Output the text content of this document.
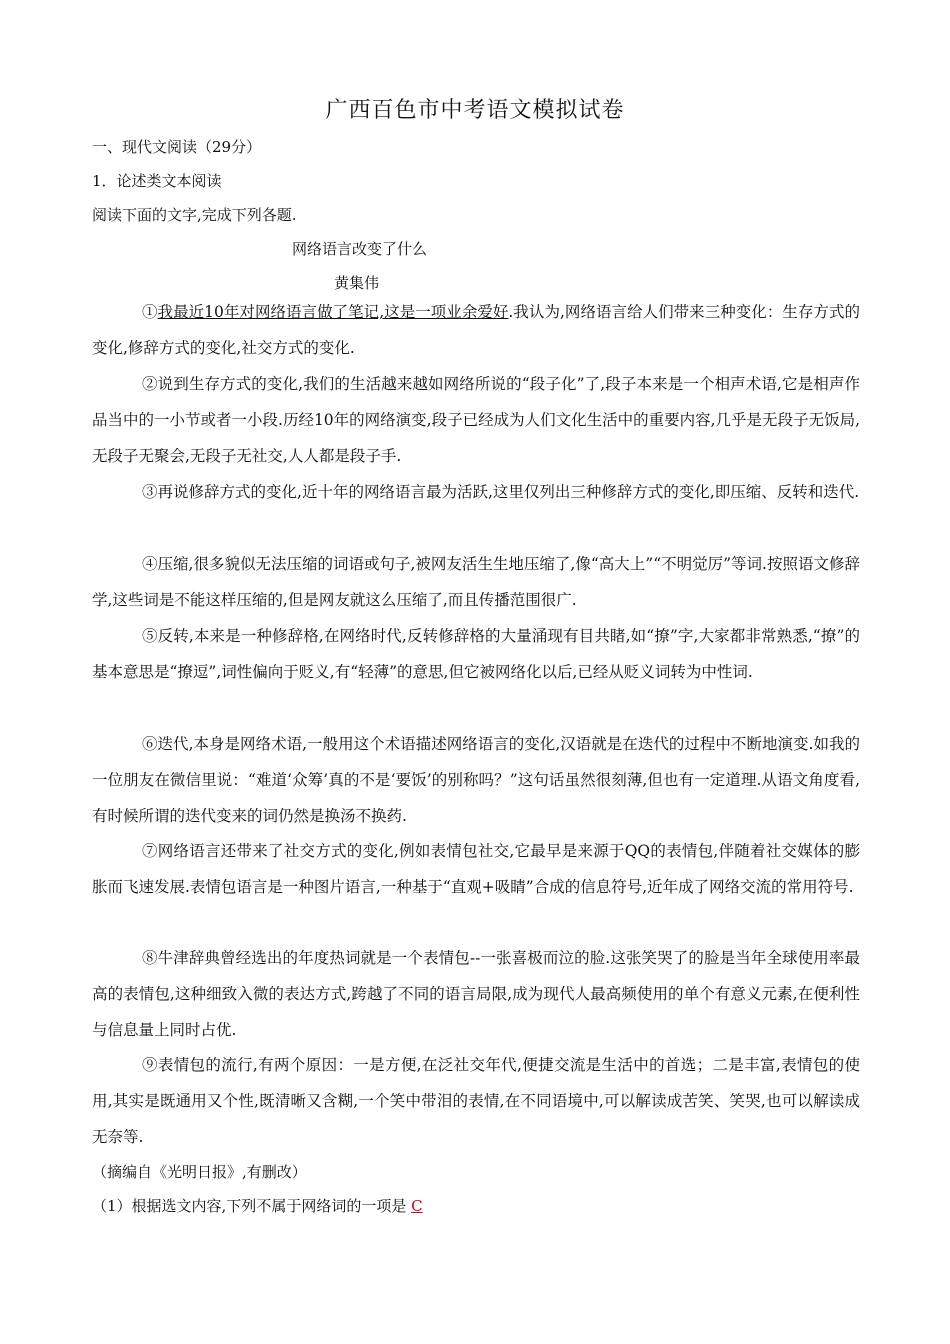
广西百色市中考语文模拟试卷
一、现代文阅读（29分）
1．论述类文本阅读
阅读下面的文字,完成下列各题.
网络语言改变了什么
黄集伟
①我最近10年对网络语言做了笔记,这是一项业余爱好.我认为,网络语言给人们带来三种变化：生存方式的变化,修辞方式的变化,社交方式的变化.
②说到生存方式的变化,我们的生活越来越如网络所说的“段子化”了,段子本来是一个相声术语,它是相声作品当中的一小节或者一小段.历经10年的网络演变,段子已经成为人们文化生活中的重要内容,几乎是无段子无饭局,无段子无聚会,无段子无社交,人人都是段子手.
③再说修辞方式的变化,近十年的网络语言最为活跃,这里仅列出三种修辞方式的变化,即压缩、反转和迭代.
④压缩,很多貌似无法压缩的词语或句子,被网友活生生地压缩了,像“高大上”“不明觉厉”等词.按照语文修辞学,这些词是不能这样压缩的,但是网友就这么压缩了,而且传播范围很广.
⑤反转,本来是一种修辞格,在网络时代,反转修辞格的大量涌现有目共睹,如“撩”字,大家都非常熟悉,“撩”的基本意思是“撩逗”,词性偏向于贬义,有“轻薄”的意思,但它被网络化以后,已经从贬义词转为中性词.
⑥迭代,本身是网络术语,一般用这个术语描述网络语言的变化,汉语就是在迭代的过程中不断地演变.如我的一位朋友在微信里说：“难道‘众筹’真的不是‘要饭’的别称吗？”这句话虽然很刻薄,但也有一定道理.从语文角度看,有时候所谓的迭代变来的词仍然是换汤不换药.
⑦网络语言还带来了社交方式的变化,例如表情包社交,它最早是来源于QQ的表情包,伴随着社交媒体的膨胀而飞速发展.表情包语言是一种图片语言,一种基于“直观+吸睛”合成的信息符号,近年成了网络交流的常用符号.
⑧牛津辞典曾经选出的年度热词就是一个表情包--一张喜极而泣的脸.这张笑哭了的脸是当年全球使用率最高的表情包,这种细致入微的表达方式,跨越了不同的语言局限,成为现代人最高频使用的单个有意义元素,在便利性与信息量上同时占优.
⑨表情包的流行,有两个原因：一是方便,在泛社交年代,便捷交流是生活中的首选；二是丰富,表情包的使用,其实是既通用又个性,既清晰又含糊,一个笑中带泪的表情,在不同语境中,可以解读成苦笑、笑哭,也可以解读成无奈等.
（摘编自《光明日报》,有删改）
（1）根据选文内容,下列不属于网络词的一项是 C
